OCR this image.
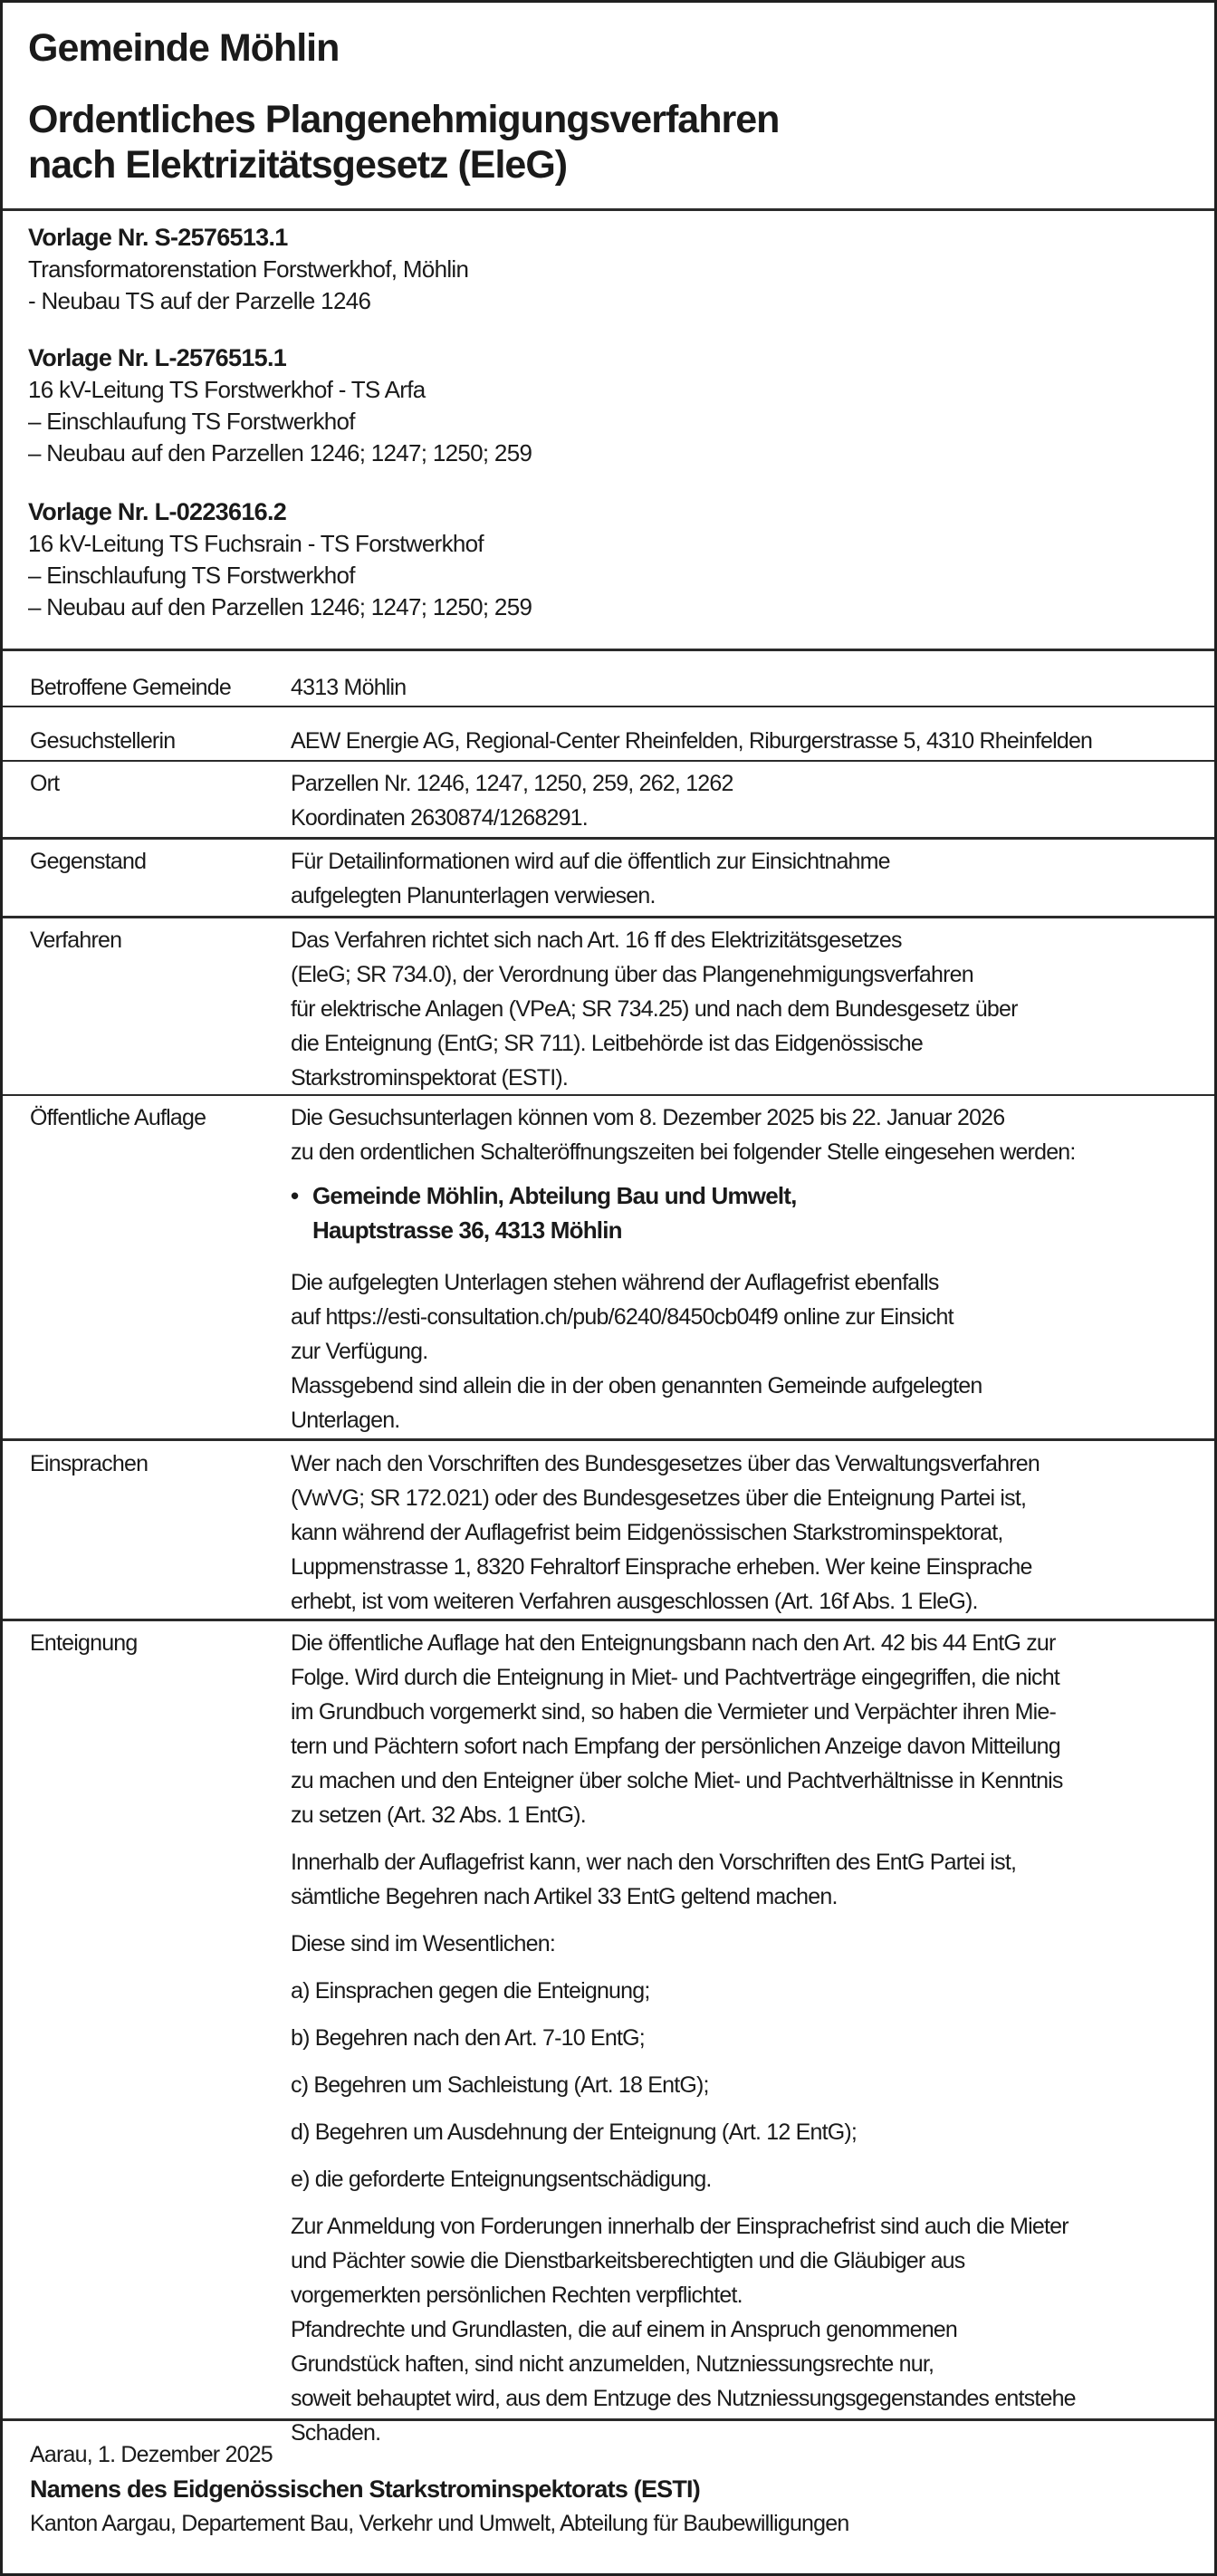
Gemeinde Möhlin
Ordentliches Plangenehmigungsverfahren
nach Elektrizitätsgesetz (EleG)
Vorlage Nr. S-2576513.1
Transformatorenstation Forstwerkhof, Möhlin
- Neubau TS auf der Parzelle 1246
Vorlage Nr. L-2576515.1
16 kV-Leitung TS Forstwerkhof - TS Arfa
– Einschlaufung TS Forstwerkhof
– Neubau auf den Parzellen 1246; 1247; 1250; 259
Vorlage Nr. L-0223616.2
16 kV-Leitung TS Fuchsrain - TS Forstwerkhof
– Einschlaufung TS Forstwerkhof
– Neubau auf den Parzellen 1246; 1247; 1250; 259
Betroffene Gemeinde	4313 Möhlin
Gesuchstellerin	AEW Energie AG, Regional-Center Rheinfelden, Riburgerstrasse 5, 4310 Rheinfelden
Ort	Parzellen Nr. 1246, 1247, 1250, 259, 262, 1262
Koordinaten 2630874/1268291.
Gegenstand	Für Detailinformationen wird auf die öffentlich zur Einsichtnahme
aufgelegten Planunterlagen verwiesen.
Verfahren	Das Verfahren richtet sich nach Art. 16 ff des Elektrizitätsgesetzes
(EleG; SR 734.0), der Verordnung über das Plangenehmigungsverfahren
für elektrische Anlagen (VPeA; SR 734.25) und nach dem Bundesgesetz über
die Enteignung (EntG; SR 711). Leitbehörde ist das Eidgenössische
Starkstrominspektorat (ESTI).
Öffentliche Auflage	Die Gesuchsunterlagen können vom 8. Dezember 2025 bis 22. Januar 2026
zu den ordentlichen Schalteröffnungszeiten bei folgender Stelle eingesehen werden:
• Gemeinde Möhlin, Abteilung Bau und Umwelt,
Hauptstrasse 36, 4313 Möhlin
Die aufgelegten Unterlagen stehen während der Auflagefrist ebenfalls
auf https://esti-consultation.ch/pub/6240/8450cb04f9 online zur Einsicht
zur Verfügung.
Massgebend sind allein die in der oben genannten Gemeinde aufgelegten
Unterlagen.
Einsprachen	Wer nach den Vorschriften des Bundesgesetzes über das Verwaltungsverfahren
(VwVG; SR 172.021) oder des Bundesgesetzes über die Enteignung Partei ist,
kann während der Auflagefrist beim Eidgenössischen Starkstrominspektorat,
Luppmenstrasse 1, 8320 Fehraltorf Einsprache erheben. Wer keine Einsprache
erhebt, ist vom weiteren Verfahren ausgeschlossen (Art. 16f Abs. 1 EleG).
Enteignung	Die öffentliche Auflage hat den Enteignungsbann nach den Art. 42 bis 44 EntG zur
Folge. Wird durch die Enteignung in Miet- und Pachtverträge eingegriffen, die nicht
im Grundbuch vorgemerkt sind, so haben die Vermieter und Verpächter ihren Mie-
tern und Pächtern sofort nach Empfang der persönlichen Anzeige davon Mitteilung
zu machen und den Enteigner über solche Miet- und Pachtverhältnisse in Kenntnis
zu setzen (Art. 32 Abs. 1 EntG).
Innerhalb der Auflagefrist kann, wer nach den Vorschriften des EntG Partei ist,
sämtliche Begehren nach Artikel 33 EntG geltend machen.
Diese sind im Wesentlichen:
a) Einsprachen gegen die Enteignung;
b) Begehren nach den Art. 7-10 EntG;
c) Begehren um Sachleistung (Art. 18 EntG);
d) Begehren um Ausdehnung der Enteignung (Art. 12 EntG);
e) die geforderte Enteignungsentschädigung.
Zur Anmeldung von Forderungen innerhalb der Einsprachefrist sind auch die Mieter
und Pächter sowie die Dienstbarkeitsberechtigten und die Gläubiger aus
vorgemerkten persönlichen Rechten verpflichtet.
Pfandrechte und Grundlasten, die auf einem in Anspruch genommenen
Grundstück haften, sind nicht anzumelden, Nutzniessungsrechte nur,
soweit behauptet wird, aus dem Entzuge des Nutzniessungsgegenstandes entstehe
Schaden.
Aarau, 1. Dezember 2025
Namens des Eidgenössischen Starkstrominspektorats (ESTI)
Kanton Aargau, Departement Bau, Verkehr und Umwelt, Abteilung für Baubewilligungen
